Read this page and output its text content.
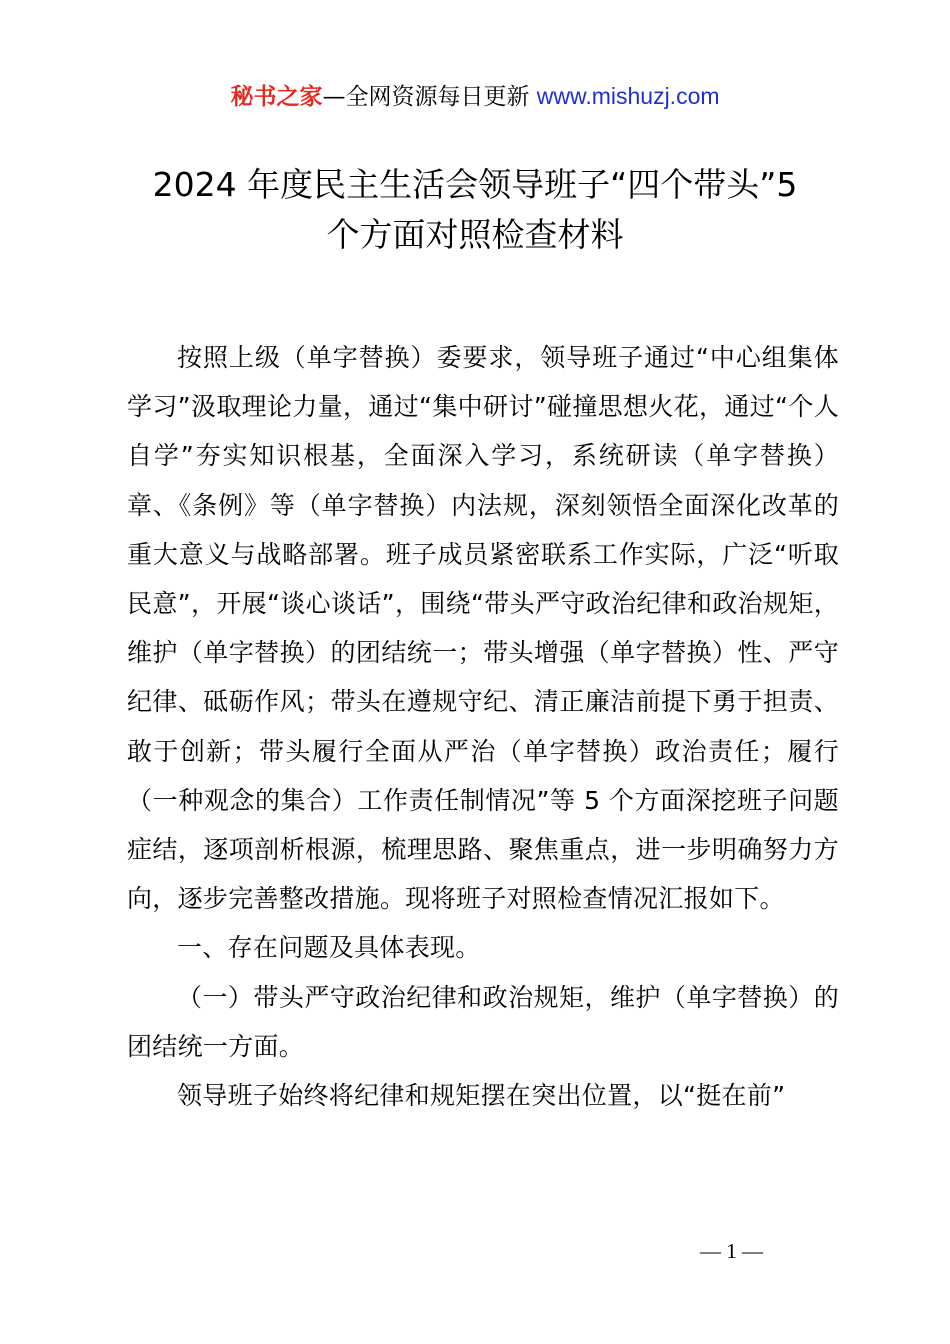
秘书之家—全网资源每日更新 www.mishuzj.com
2024 年度民主生活会领导班子“四个带头”5
个方面对照检查材料

按照上级（单字替换）委要求，领导班子通过“中心组集体学习”汲取理论力量，通过“集中研讨”碰撞思想火花，通过“个人自学”夯实知识根基，全面深入学习，系统研读（单字替换）章、《条例》等（单字替换）内法规，深刻领悟全面深化改革的重大意义与战略部署。班子成员紧密联系工作实际，广泛“听取民意”，开展“谈心谈话”，围绕“带头严守政治纪律和政治规矩，维护（单字替换）的团结统一；带头增强（单字替换）性、严守纪律、砥砺作风；带头在遵规守纪、清正廉洁前提下勇于担责、敢于创新；带头履行全面从严治（单字替换）政治责任；履行（一种观念的集合）工作责任制情况”等 5 个方面深挖班子问题症结，逐项剖析根源，梳理思路、聚焦重点，进一步明确努力方向，逐步完善整改措施。现将班子对照检查情况汇报如下。

一、存在问题及具体表现。

（一）带头严守政治纪律和政治规矩，维护（单字替换）的团结统一方面。

领导班子始终将纪律和规矩摆在突出位置，以“挺在前”

— 1 —
